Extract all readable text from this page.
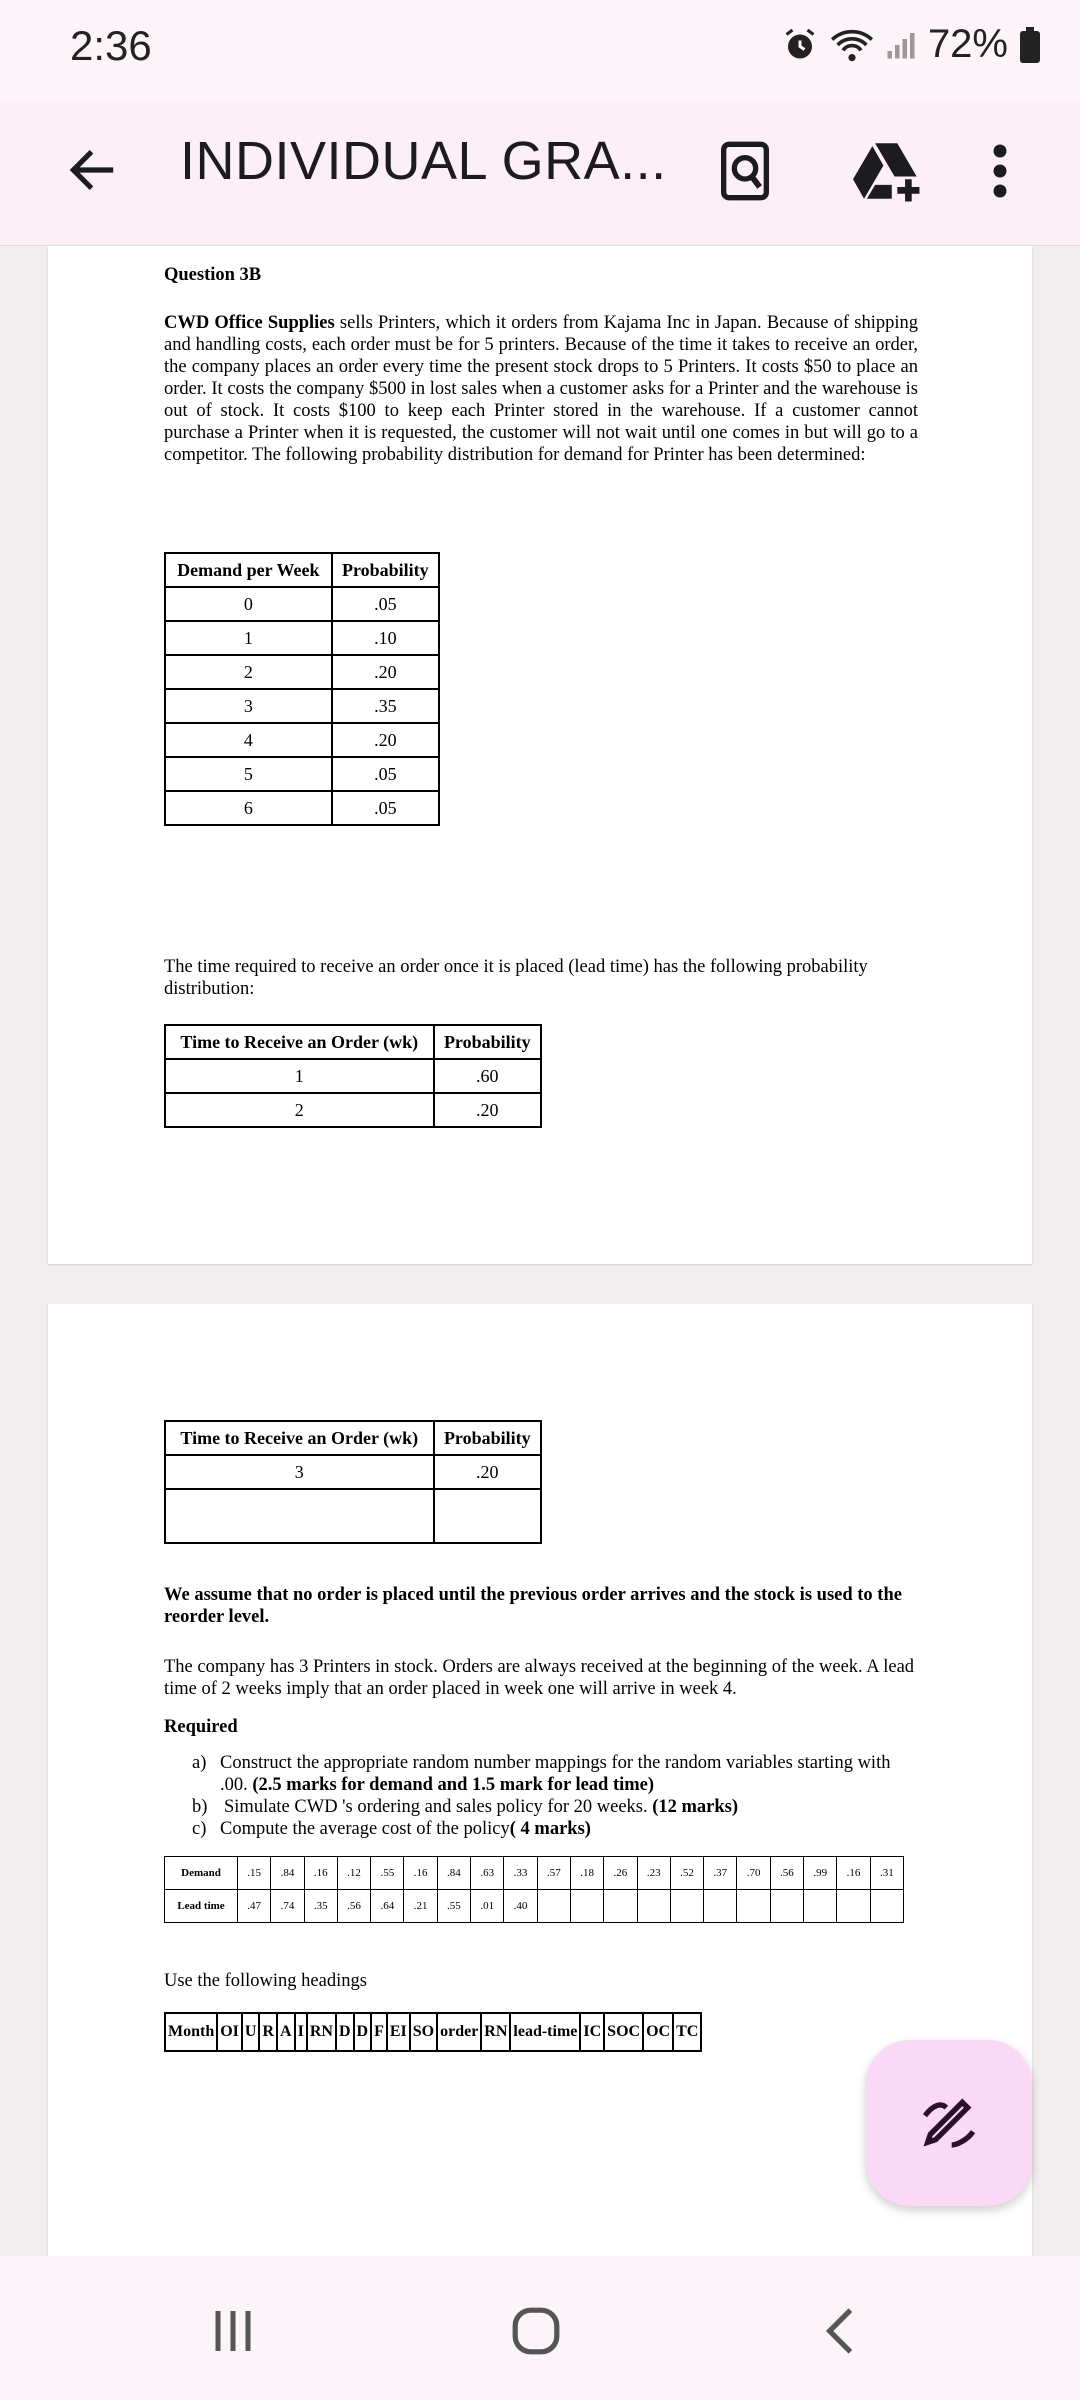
2:36	72%
INDIVIDUAL GRA...
Question 3B
CWD Office Supplies sells Printers, which it orders from Kajama Inc in Japan. Because of shipping and handling costs, each order must be for 5 printers. Because of the time it takes to receive an order, the company places an order every time the present stock drops to 5 Printers. It costs $50 to place an order. It costs the company $500 in lost sales when a customer asks for a Printer and the warehouse is out of stock. It costs $100 to keep each Printer stored in the warehouse. If a customer cannot purchase a Printer when it is requested, the customer will not wait until one comes in but will go to a competitor. The following probability distribution for demand for Printer has been determined:
Demand per Week	Probability
0	.05
1	.10
2	.20
3	.35
4	.20
5	.05
6	.05
The time required to receive an order once it is placed (lead time) has the following probability distribution:
Time to Receive an Order (wk)	Probability
1	.60
2	.20
Time to Receive an Order (wk)	Probability
3	.20

We assume that no order is placed until the previous order arrives and the stock is used to the reorder level.
The company has 3 Printers in stock. Orders are always received at the beginning of the week. A lead time of 2 weeks imply that an order placed in week one will arrive in week 4.
Required
a) Construct the appropriate random number mappings for the random variables starting with .00. (2.5 marks for demand and 1.5 mark for lead time)
b) Simulate CWD 's ordering and sales policy for 20 weeks. (12 marks)
c) Compute the average cost of the policy( 4 marks)
Demand	.15	.84	.16	.12	.55	.16	.84	.63	.33	.57	.18	.26	.23	.52	.37	.70	.56	.99	.16	.31
Lead time	.47	.74	.35	.56	.64	.21	.55	.01	.40											
Use the following headings
Month	OI	U	R	A	I	RN	D	D	F	EI	SO	order	RN	lead-time	IC	SOC	OC	TC
